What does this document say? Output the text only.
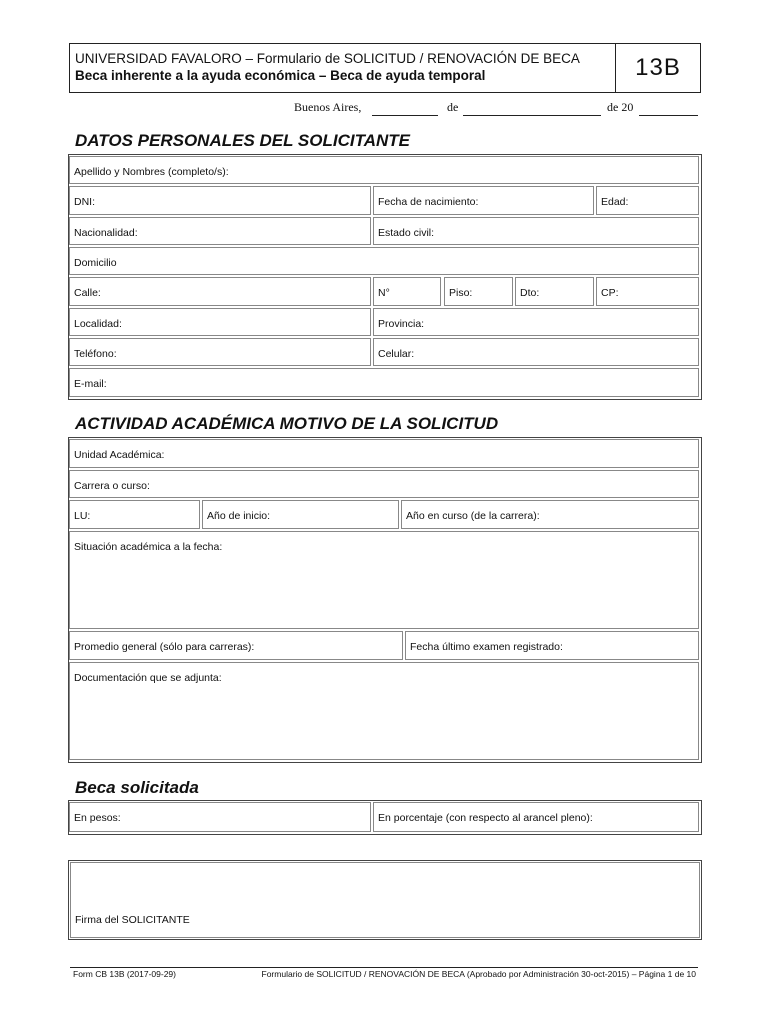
UNIVERSIDAD FAVALORO – Formulario de SOLICITUD / RENOVACIÓN DE BECA
Beca inherente a la ayuda económica – Beca de ayuda temporal	13B
Buenos Aires,	de	de 20
DATOS PERSONALES DEL SOLICITANTE
Apellido y Nombres (completo/s):
DNI:	Fecha de nacimiento:	Edad:
Nacionalidad:	Estado civil:
Domicilio
Calle:	N°	Piso:	Dto:	CP:
Localidad:	Provincia:
Teléfono:	Celular:
E-mail:
ACTIVIDAD ACADÉMICA MOTIVO DE LA SOLICITUD
Unidad Académica:
Carrera o curso:
LU:	Año de inicio:	Año en curso (de la carrera):
Situación académica a la fecha:
Promedio general (sólo para carreras):	Fecha último examen registrado:
Documentación que se adjunta:
Beca solicitada
En pesos:	En porcentaje (con respecto al arancel pleno):
Firma del SOLICITANTE
Form CB 13B (2017-09-29)	Formulario de SOLICITUD / RENOVACIÓN DE BECA (Aprobado por Administración 30-oct-2015) – Página 1 de 10
